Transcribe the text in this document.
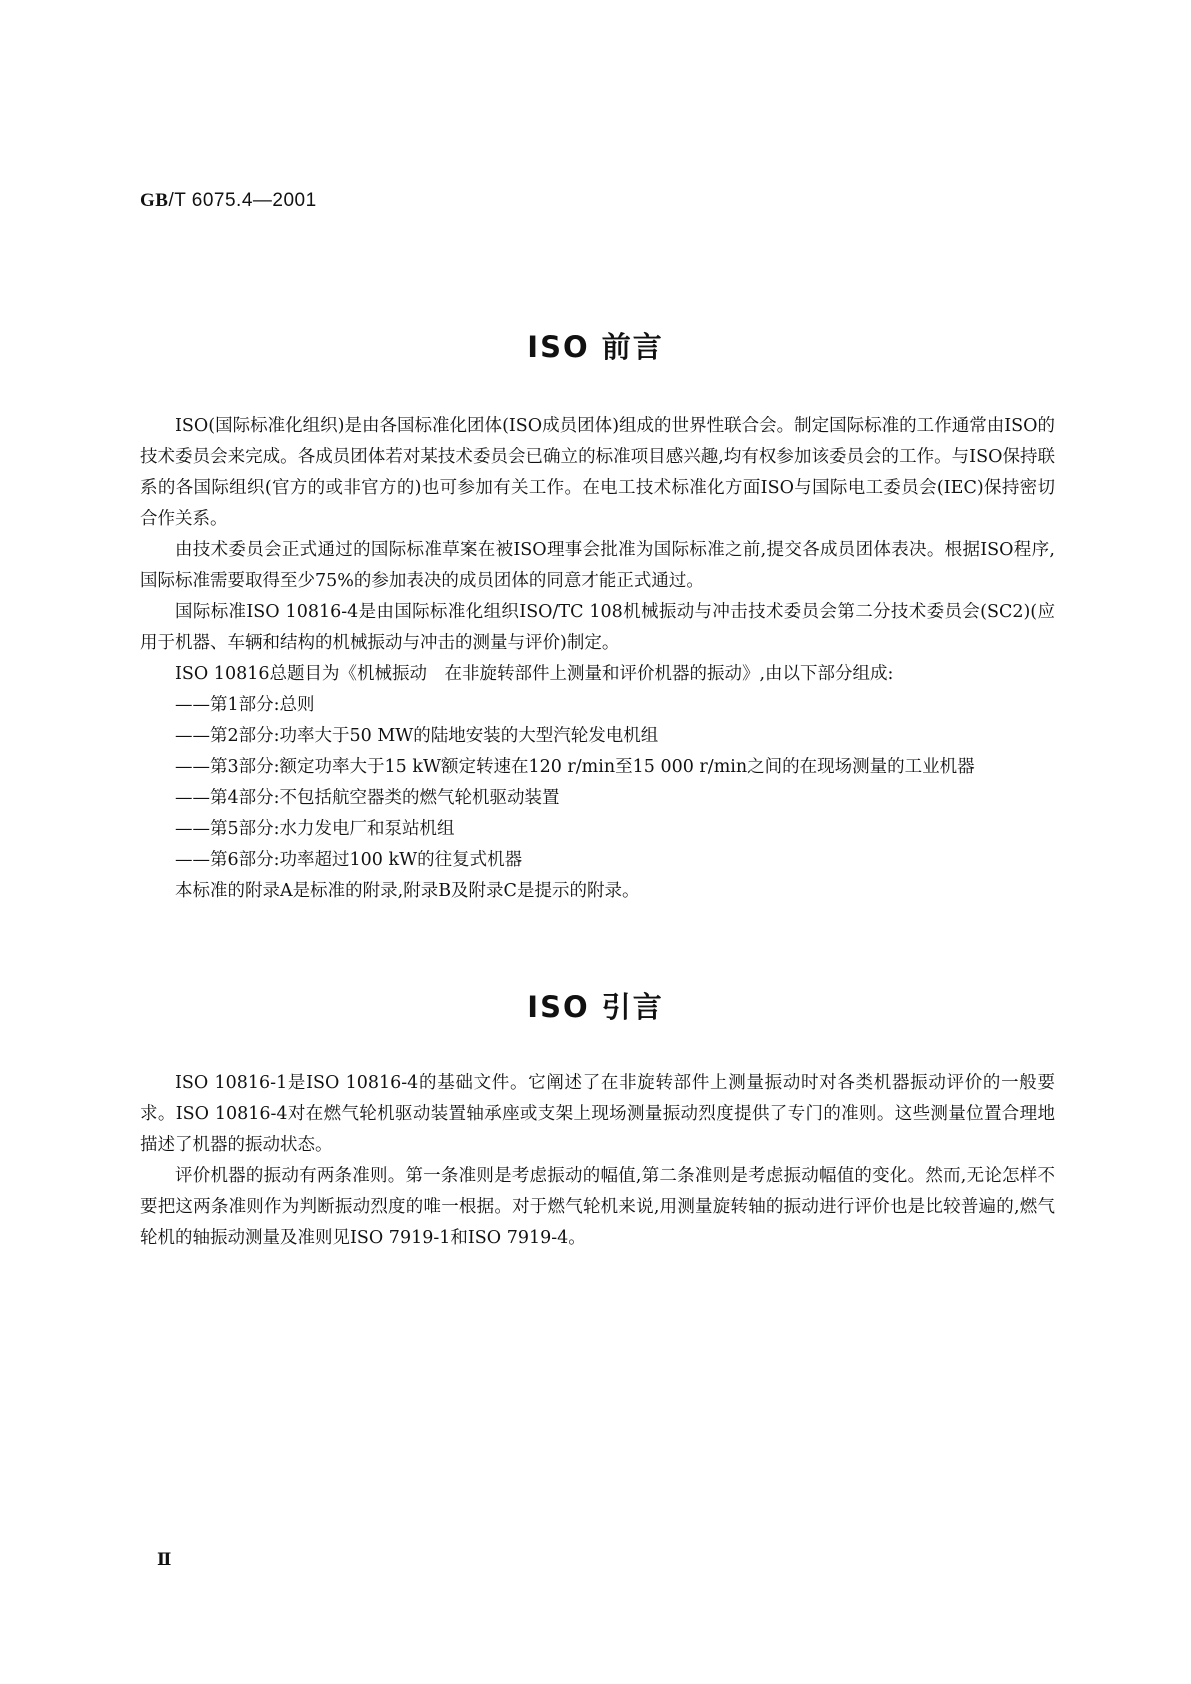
GB/T 6075.4—2001
ISO 前言

ISO(国际标准化组织)是由各国标准化团体(ISO成员团体)组成的世界性联合会。制定国际标准的工作通常由ISO的技术委员会来完成。各成员团体若对某技术委员会已确立的标准项目感兴趣,均有权参加该委员会的工作。与ISO保持联系的各国际组织(官方的或非官方的)也可参加有关工作。在电工技术标准化方面ISO与国际电工委员会(IEC)保持密切合作关系。

由技术委员会正式通过的国际标准草案在被ISO理事会批准为国际标准之前,提交各成员团体表决。根据ISO程序,国际标准需要取得至少75%的参加表决的成员团体的同意才能正式通过。

国际标准ISO 10816-4是由国际标准化组织ISO/TC 108机械振动与冲击技术委员会第二分技术委员会(SC2)(应用于机器、车辆和结构的机械振动与冲击的测量与评价)制定。

ISO 10816总题目为《机械振动　在非旋转部件上测量和评价机器的振动》,由以下部分组成:

——第1部分:总则

——第2部分:功率大于50 MW的陆地安装的大型汽轮发电机组

——第3部分:额定功率大于15 kW额定转速在120 r/min至15 000 r/min之间的在现场测量的工业机器

——第4部分:不包括航空器类的燃气轮机驱动装置

——第5部分:水力发电厂和泵站机组

——第6部分:功率超过100 kW的往复式机器

本标准的附录A是标准的附录,附录B及附录C是提示的附录。

ISO 引言

ISO 10816-1是ISO 10816-4的基础文件。它阐述了在非旋转部件上测量振动时对各类机器振动评价的一般要求。ISO 10816-4对在燃气轮机驱动装置轴承座或支架上现场测量振动烈度提供了专门的准则。这些测量位置合理地描述了机器的振动状态。

评价机器的振动有两条准则。第一条准则是考虑振动的幅值,第二条准则是考虑振动幅值的变化。然而,无论怎样不要把这两条准则作为判断振动烈度的唯一根据。对于燃气轮机来说,用测量旋转轴的振动进行评价也是比较普遍的,燃气轮机的轴振动测量及准则见ISO 7919-1和ISO 7919-4。

Ⅱ
